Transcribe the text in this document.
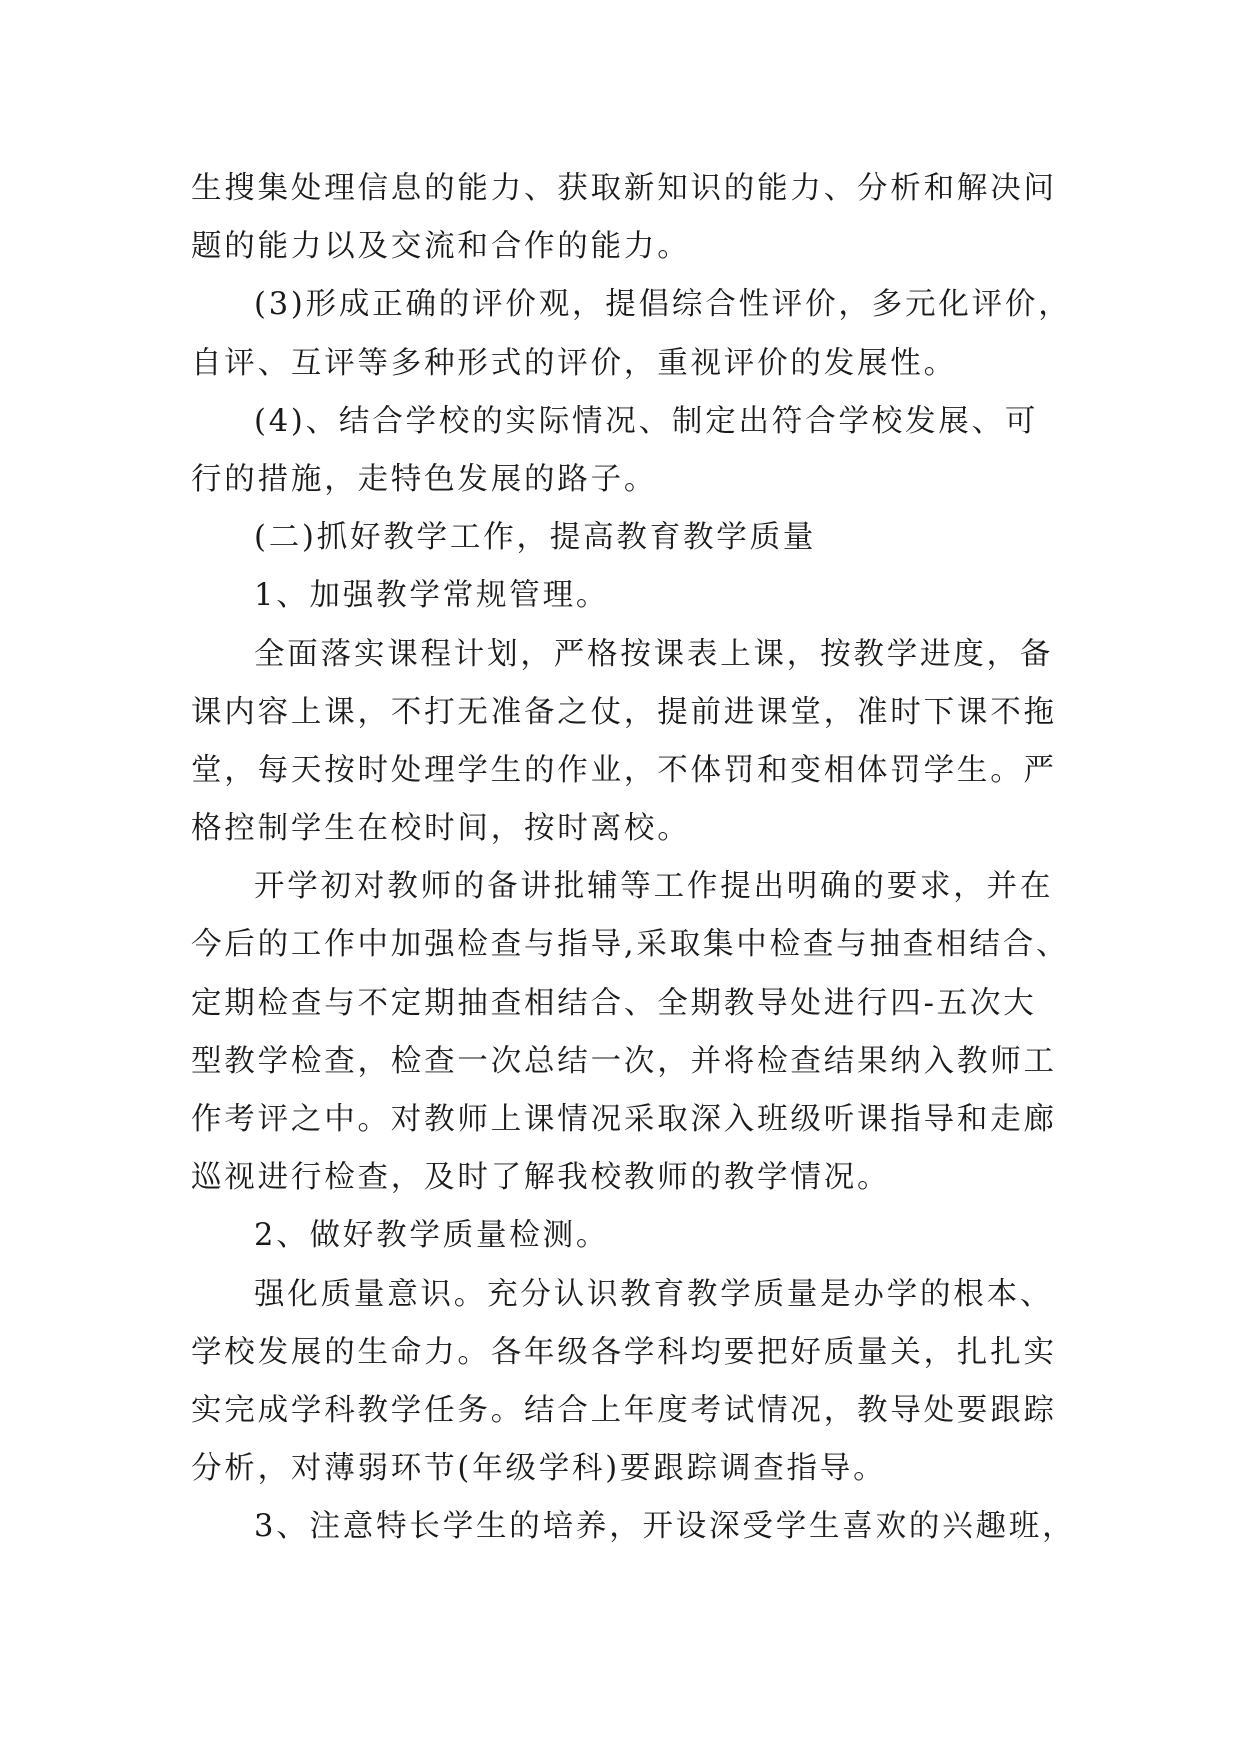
生搜集处理信息的能力、获取新知识的能力、分析和解决问
题的能力以及交流和合作的能力。
(3)形成正确的评价观，提倡综合性评价，多元化评价，
自评、互评等多种形式的评价，重视评价的发展性。
(4)、结合学校的实际情况、制定出符合学校发展、可
行的措施，走特色发展的路子。
(二)抓好教学工作，提高教育教学质量
1、加强教学常规管理。
全面落实课程计划，严格按课表上课，按教学进度，备
课内容上课，不打无准备之仗，提前进课堂，准时下课不拖
堂，每天按时处理学生的作业，不体罚和变相体罚学生。严
格控制学生在校时间，按时离校。
开学初对教师的备讲批辅等工作提出明确的要求，并在
今后的工作中加强检查与指导,采取集中检查与抽查相结合、
定期检查与不定期抽查相结合、全期教导处进行四-五次大
型教学检查，检查一次总结一次，并将检查结果纳入教师工
作考评之中。对教师上课情况采取深入班级听课指导和走廊
巡视进行检查，及时了解我校教师的教学情况。
2、做好教学质量检测。
强化质量意识。充分认识教育教学质量是办学的根本、
学校发展的生命力。各年级各学科均要把好质量关，扎扎实
实完成学科教学任务。结合上年度考试情况，教导处要跟踪
分析，对薄弱环节(年级学科)要跟踪调查指导。
3、注意特长学生的培养，开设深受学生喜欢的兴趣班，
